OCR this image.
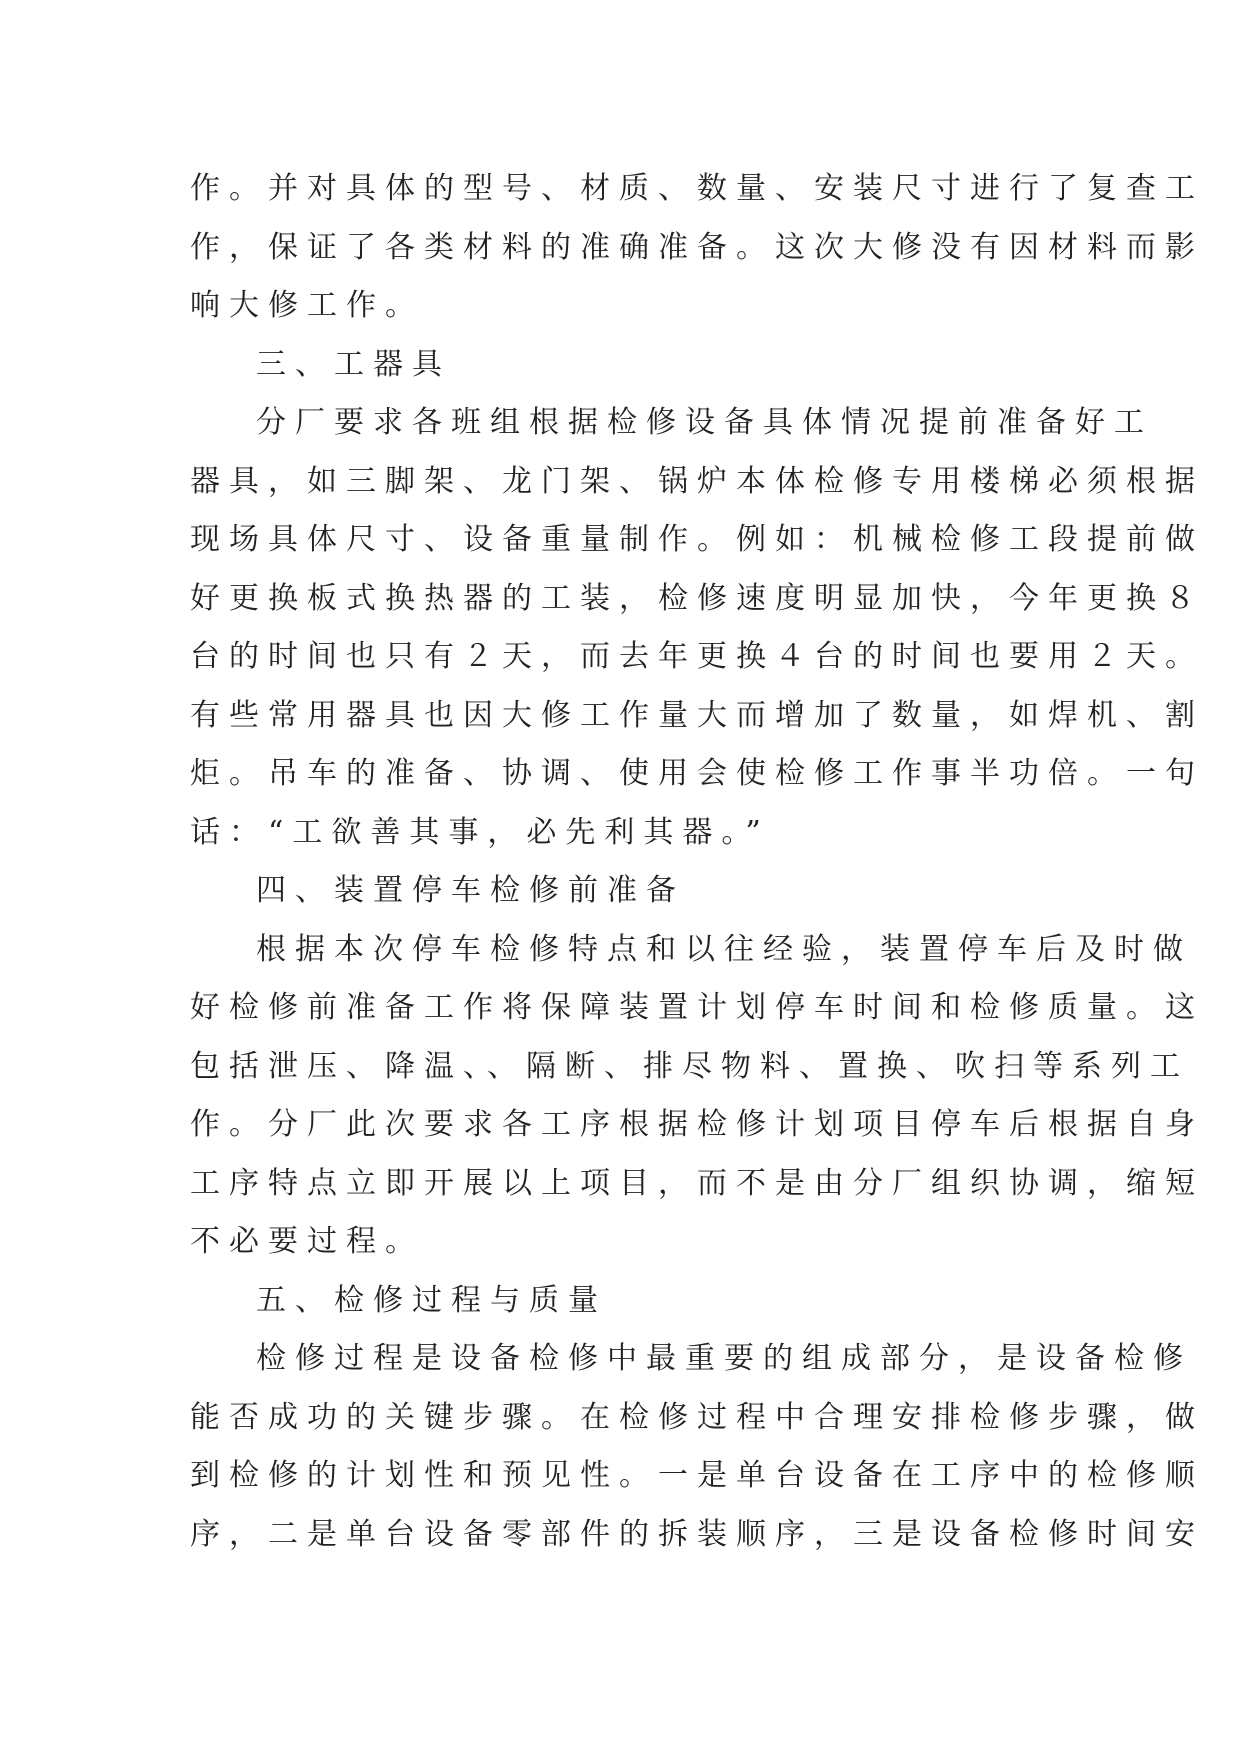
作。并对具体的型号、材质、数量、安装尺寸进行了复查工
作，保证了各类材料的准确准备。这次大修没有因材料而影
响大修工作。
三、工器具
分厂要求各班组根据检修设备具体情况提前准备好工
器具，如三脚架、龙门架、锅炉本体检修专用楼梯必须根据
现场具体尺寸、设备重量制作。例如：机械检修工段提前做
好更换板式换热器的工装，检修速度明显加快，今年更换８
台的时间也只有２天，而去年更换４台的时间也要用２天。
有些常用器具也因大修工作量大而增加了数量，如焊机、割
炬。吊车的准备、协调、使用会使检修工作事半功倍。一句
话：“工欲善其事，必先利其器。”
四、装置停车检修前准备
根据本次停车检修特点和以往经验，装置停车后及时做
好检修前准备工作将保障装置计划停车时间和检修质量。这
包括泄压、降温、、隔断、排尽物料、置换、吹扫等系列工
作。分厂此次要求各工序根据检修计划项目停车后根据自身
工序特点立即开展以上项目，而不是由分厂组织协调，缩短
不必要过程。
五、检修过程与质量
检修过程是设备检修中最重要的组成部分，是设备检修
能否成功的关键步骤。在检修过程中合理安排检修步骤，做
到检修的计划性和预见性。一是单台设备在工序中的检修顺
序，二是单台设备零部件的拆装顺序，三是设备检修时间安
